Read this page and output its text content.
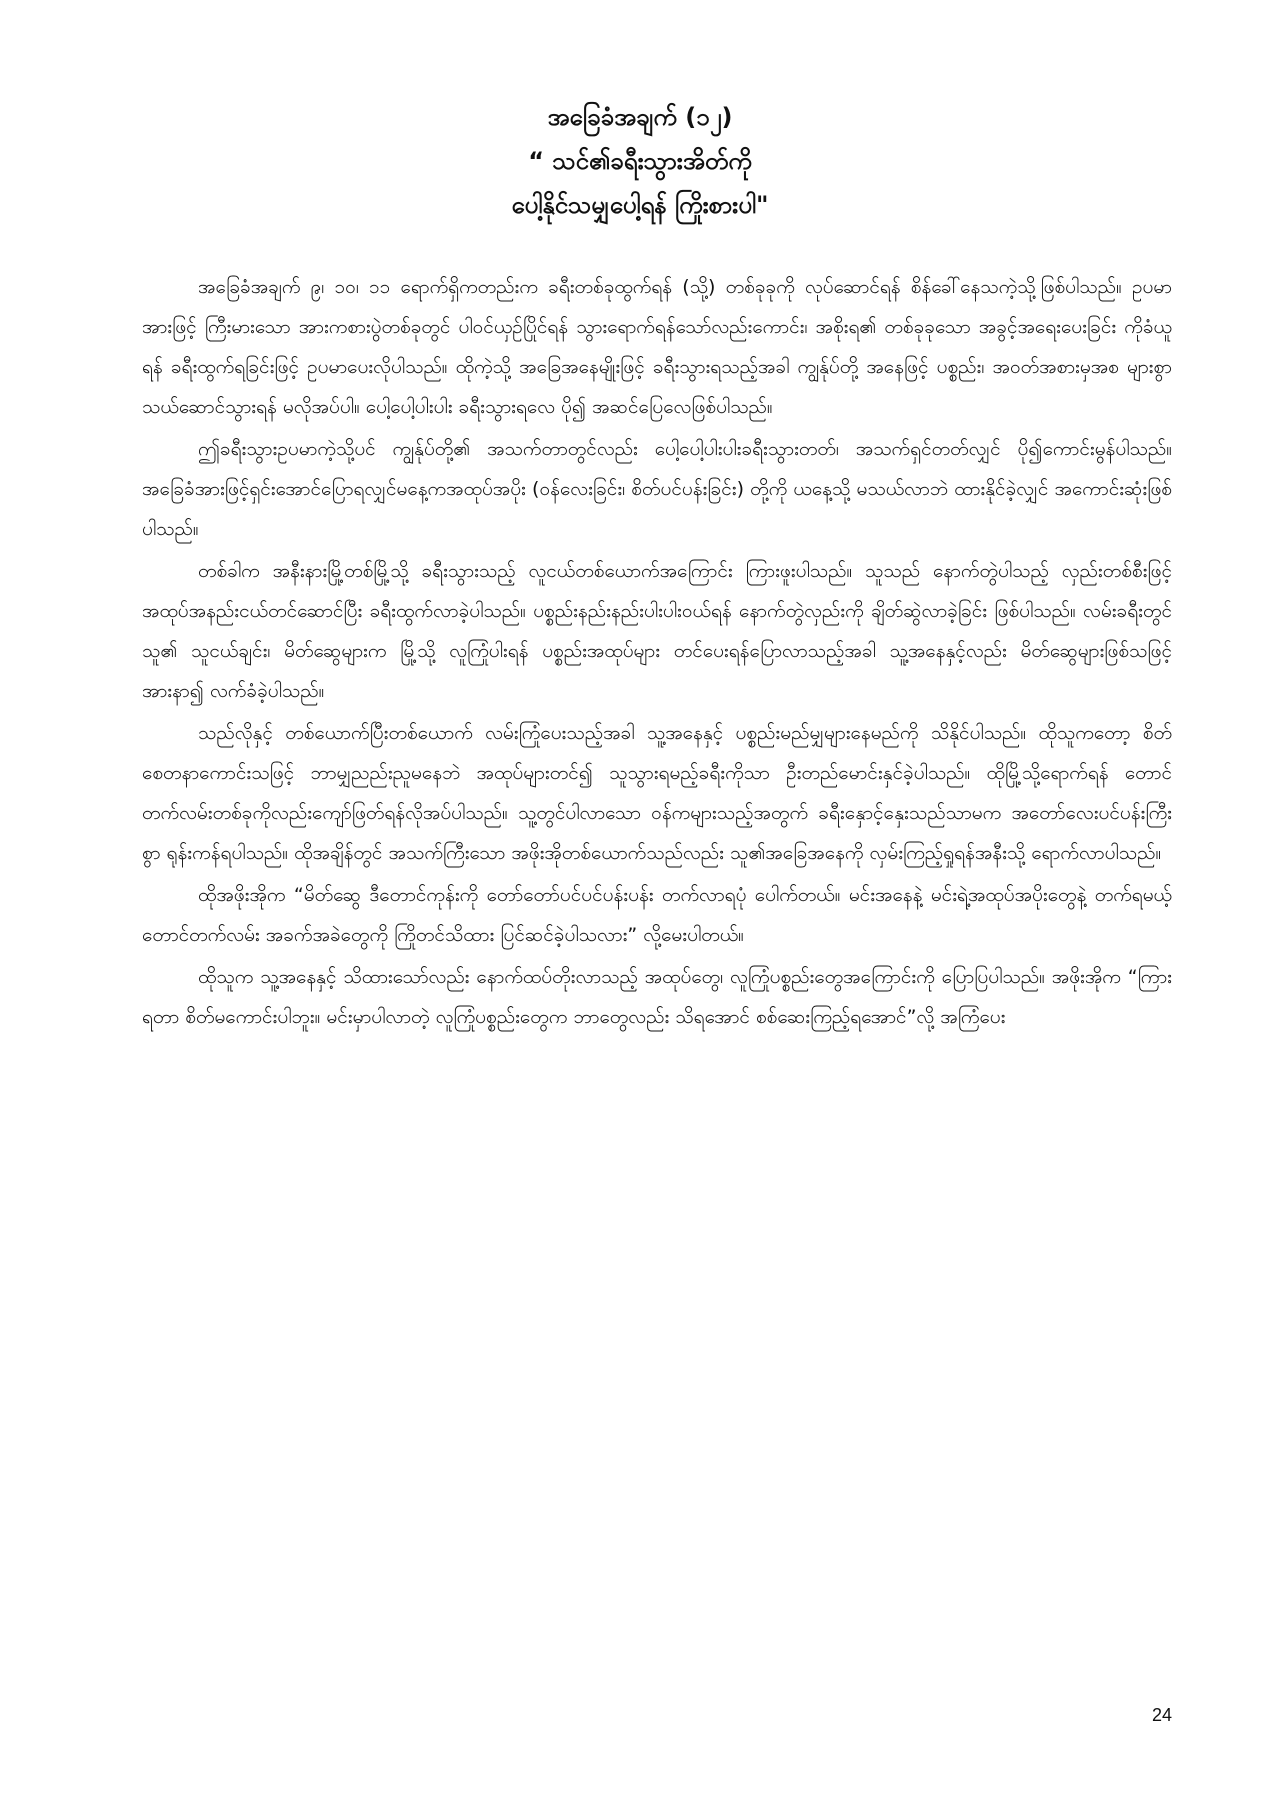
အခြေခံအချက် (၁၂)

“ သင်၏ခရီးသွားအိတ်ကို

ပေါ့နိုင်သမျှပေါ့ရန် ကြိုးစားပါ"

အခြေခံအချက် ၉၊ ၁၀၊ ၁၁ ရောက်ရှိကတည်းက ခရီးတစ်ခုထွက်ရန် (သို့) တစ်ခုခုကို လုပ်ဆောင်ရန် စိန်ခေါ်နေသကဲ့သို့ဖြစ်ပါသည်။ ဥပမာအားဖြင့် ကြီးမားသော အားကစားပွဲတစ်ခုတွင် ပါဝင်ယှဉ်ပြိုင်ရန် သွားရောက်ရန်သော်လည်းကောင်း၊ အစိုးရ၏ တစ်ခုခုသော အခွင့်အရေးပေးခြင်း ကိုခံယူရန် ခရီးထွက်ရခြင်းဖြင့် ဥပမာပေးလိုပါသည်။ ထိုကဲ့သို့ အခြေအနေမျိုးဖြင့် ခရီးသွားရသည့်အခါ ကျွန်ုပ်တို့ အနေဖြင့် ပစ္စည်း၊ အဝတ်အစားမှအစ များစွာသယ်ဆောင်သွားရန် မလိုအပ်ပါ။ ပေါ့ပေါ့ပါးပါး ခရီးသွားရလေ ပို၍ အဆင်ပြေလေဖြစ်ပါသည်။

ဤခရီးသွားဥပမာကဲ့သို့ပင် ကျွန်ုပ်တို့၏ အသက်တာတွင်လည်း ပေါ့ပေါ့ပါးပါးခရီးသွားတတ်၊ အသက်ရှင်တတ်လျှင် ပို၍ကောင်းမွန်ပါသည်။ အခြေခံအားဖြင့်ရှင်းအောင်ပြောရလျှင်မနေ့ကအထုပ်အပိုး (ဝန်လေးခြင်း၊ စိတ်ပင်ပန်းခြင်း) တို့ကို ယနေ့သို့ မသယ်လာဘဲ ထားနိုင်ခဲ့လျှင် အကောင်းဆုံးဖြစ်ပါသည်။

တစ်ခါက အနီးနားမြို့တစ်မြို့သို့ ခရီးသွားသည့် လူငယ်တစ်ယောက်အကြောင်း ကြားဖူးပါသည်။ သူသည် နောက်တွဲပါသည့် လှည်းတစ်စီးဖြင့် အထုပ်အနည်းငယ်တင်ဆောင်ပြီး ခရီးထွက်လာခဲ့ပါသည်။ ပစ္စည်းနည်းနည်းပါးပါးဝယ်ရန် နောက်တွဲလှည်းကို ချိတ်ဆွဲလာခဲ့ခြင်း ဖြစ်ပါသည်။ လမ်းခရီးတွင် သူ၏ သူငယ်ချင်း၊ မိတ်ဆွေများက မြို့သို့ လူကြုံပါးရန် ပစ္စည်းအထုပ်များ တင်ပေးရန်ပြောလာသည့်အခါ သူ့အနေနှင့်လည်း မိတ်ဆွေများဖြစ်သဖြင့် အားနာ၍ လက်ခံခဲ့ပါသည်။

သည်လိုနှင့် တစ်ယောက်ပြီးတစ်ယောက် လမ်းကြုံပေးသည့်အခါ သူ့အနေနှင့် ပစ္စည်းမည်မျှများနေမည်ကို သိနိုင်ပါသည်။ ထိုသူကတော့ စိတ်စေတနာကောင်းသဖြင့် ဘာမျှညည်းညူမနေဘဲ အထုပ်များတင်၍ သူသွားရမည့်ခရီးကိုသာ ဦးတည်မောင်းနှင်ခဲ့ပါသည်။ ထိုမြို့သို့ရောက်ရန် တောင်တက်လမ်းတစ်ခုကိုလည်းကျော်ဖြတ်ရန်လိုအပ်ပါသည်။ သူ့တွင်ပါလာသော ဝန်ကများသည့်အတွက် ခရီးနှောင့်နှေးသည်သာမက အတော်လေးပင်ပန်းကြီးစွာ ရုန်းကန်ရပါသည်။ ထိုအချိန်တွင် အသက်ကြီးသော အဖိုးအိုတစ်ယောက်သည်လည်း သူ၏အခြေအနေကို လှမ်းကြည့်ရှုရန်အနီးသို့ ရောက်လာပါသည်။

ထိုအဖိုးအိုက “မိတ်ဆွေ ဒီတောင်ကုန်းကို တော်တော်ပင်ပင်ပန်းပန်း တက်လာရပုံ ပေါက်တယ်။ မင်းအနေနဲ့ မင်းရဲ့အထုပ်အပိုးတွေနဲ့ တက်ရမယ့် တောင်တက်လမ်း အခက်အခဲတွေကို ကြိုတင်သိထား ပြင်ဆင်ခဲ့ပါသလား” လို့မေးပါတယ်။

ထိုသူက သူ့အနေနှင့် သိထားသော်လည်း နောက်ထပ်တိုးလာသည့် အထုပ်တွေ၊ လူကြုံပစ္စည်းတွေအကြောင်းကို ပြောပြပါသည်။ အဖိုးအိုက “ကြားရတာ စိတ်မကောင်းပါဘူး။ မင်းမှာပါလာတဲ့ လူကြုံပစ္စည်းတွေက ဘာတွေလည်း သိရအောင် စစ်ဆေးကြည့်ရအောင်”လို့ အကြံပေး

24
